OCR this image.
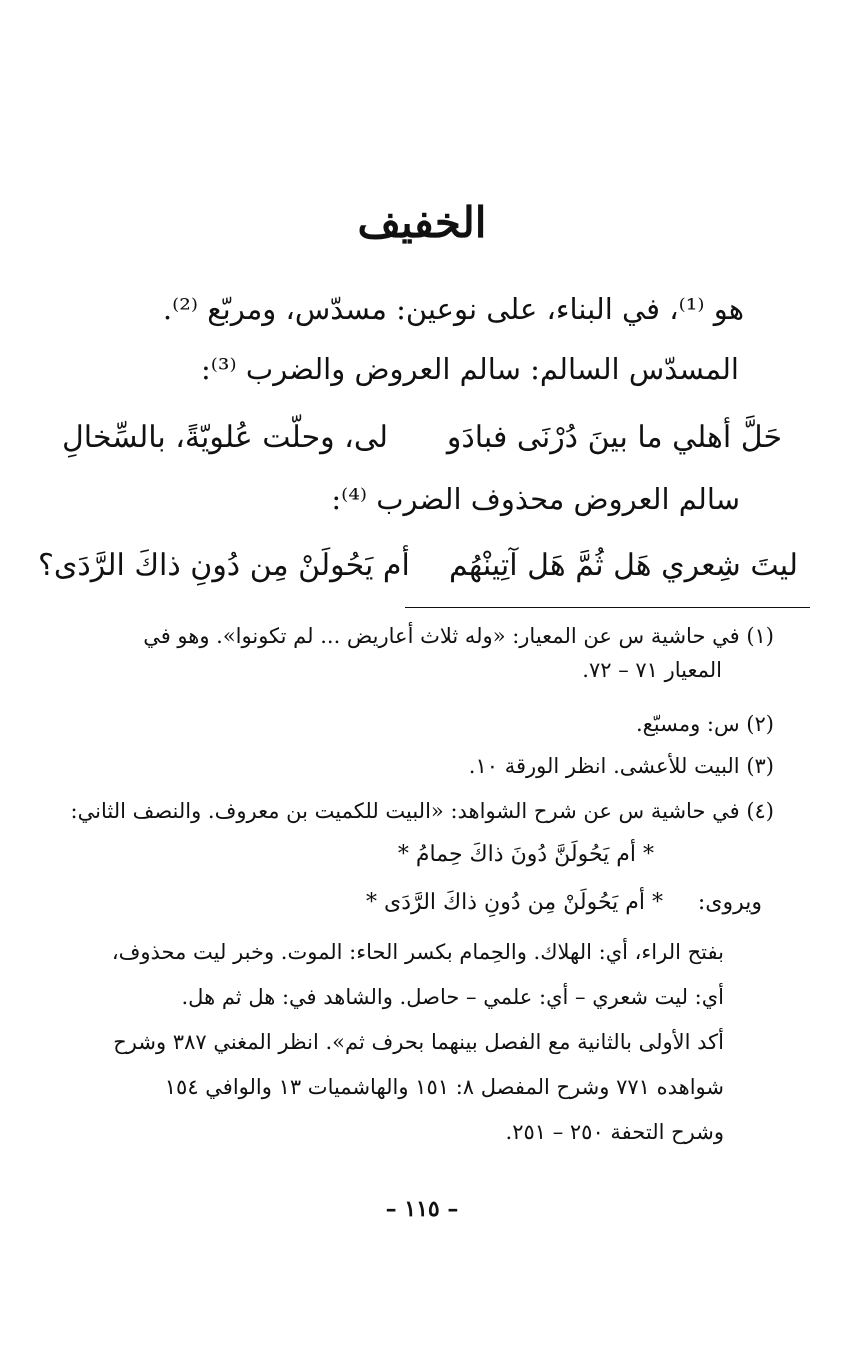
الخفيف
هو ⁽¹⁾، في البناء، على نوعين: مسدّس، ومربّع ⁽²⁾.
المسدّس السالم: سالم العروض والضرب ⁽³⁾:
حَلَّ أهلي ما بينَ دُرْنَى فبادَو
لى، وحلّت عُلويّةً، بالسِّخالِ
سالم العروض محذوف الضرب ⁽⁴⁾:
ليتَ شِعري هَل ثُمَّ هَل آتِينْهُم
أم يَحُولَنْ مِن دُونِ ذاكَ الرَّدَى؟
(١) في حاشية س عن المعيار: «وله ثلاث أعاريض ... لم تكونوا». وهو في
المعيار ٧١ – ٧٢.
(٢) س: ومسبّع.
(٣) البيت للأعشى. انظر الورقة ١٠.
(٤) في حاشية س عن شرح الشواهد: «البيت للكميت بن معروف. والنصف الثاني:
* أم يَحُولَنَّ دُونَ ذاكَ حِمامُ *
ويروى: * أم يَحُولَنْ مِن دُونِ ذاكَ الرَّدَى *
بفتح الراء، أي: الهلاك. والحِمام بكسر الحاء: الموت. وخبر ليت محذوف،
أي: ليت شعري – أي: علمي – حاصل. والشاهد في: هل ثم هل.
أكد الأولى بالثانية مع الفصل بينهما بحرف ثم». انظر المغني ٣٨٧ وشرح
شواهده ٧٧١ وشرح المفصل ٨: ١٥١ والهاشميات ١٣ والوافي ١٥٤
وشرح التحفة ٢٥٠ – ٢٥١.
– ١١٥ –
